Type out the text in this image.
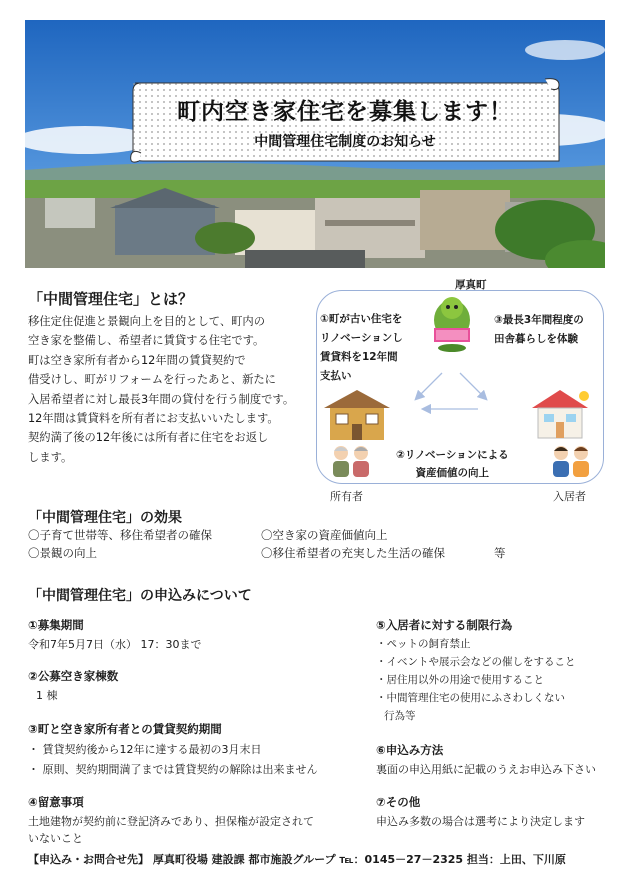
町内空き家住宅を募集します！
中間管理住宅制度のお知らせ
「中間管理住宅」とは？
移住定住促進と景観向上を目的として、町内の
空き家を整備し、希望者に賃貸する住宅です。
町は空き家所有者から12年間の賃貸契約で
借受けし、町がリフォームを行ったあと、新たに
入居希望者に対し最長3年間の貸付を行う制度です。
12年間は賃貸料を所有者にお支払いいたします。
契約満了後の12年後には所有者に住宅をお返し
します。
厚真町
①町が古い住宅を
リノベーションし
賃貸料を12年間
支払い
③最長3年間程度の
田舎暮らしを体験
②リノベーションによる
資産価値の向上
所有者	入居者
「中間管理住宅」の効果
〇子育て世帯等、移住希望者の確保	〇空き家の資産価値向上
〇景観の向上	〇移住希望者の充実した生活の確保	等
「中間管理住宅」の申込みについて
①募集期間
令和7年5月7日（水） 17：30まで
②公募空き家棟数
1 棟
③町と空き家所有者との賃貸契約期間
・ 賃貸契約後から12年に達する最初の3月末日
・ 原則、契約期間満了までは賃貸契約の解除は出来ません
④留意事項
土地建物が契約前に登記済みであり、担保権が設定されて
いないこと
⑤入居者に対する制限行為
・ペットの飼育禁止
・イベントや展示会などの催しをすること
・居住用以外の用途で使用すること
・中間管理住宅の使用にふさわしくない
行為等
⑥申込み方法
裏面の申込用紙に記載のうえお申込み下さい
⑦その他
申込み多数の場合は選考により決定します
【申込み・お問合せ先】 厚真町役場 建設課 都市施設グループ ℡：0145－27－2325 担当：上田、下川原
